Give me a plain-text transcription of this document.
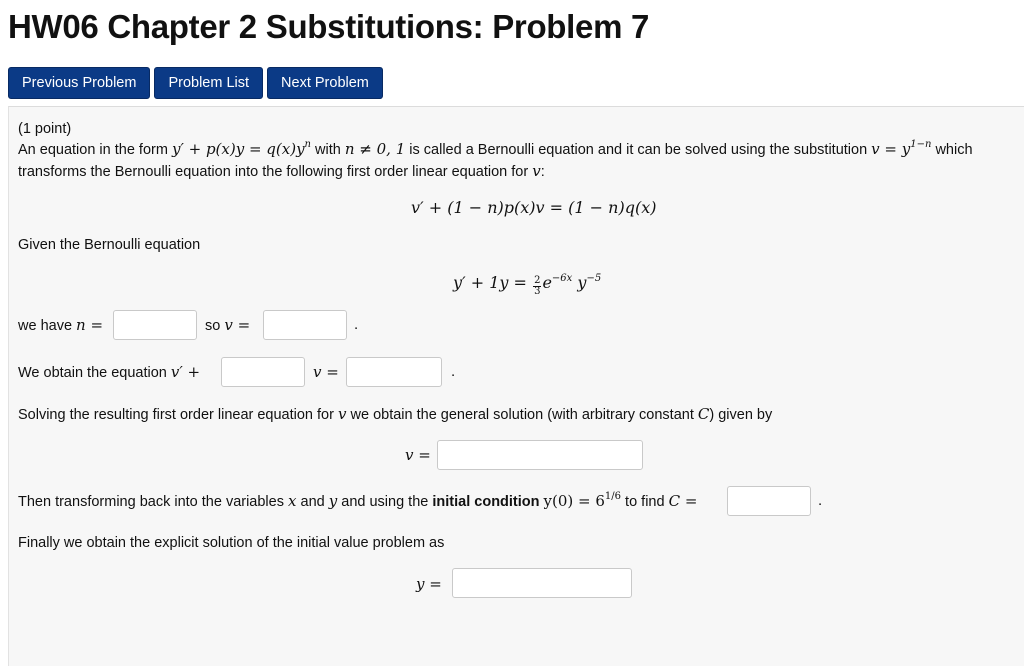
HW06 Chapter 2 Substitutions: Problem 7
Previous Problem	Problem List	Next Problem
(1 point)
An equation in the form $y' + p(x)y = q(x)y^n$ with n ≠ 0, 1 is called a Bernoulli equation and it can be solved using the substitution $v = y^{1-n}$ which
transforms the Bernoulli equation into the following first order linear equation for v:
v′ + (1 − n)p(x)v = (1 − n)q(x)
Given the Bernoulli equation
$y' + 1y = \frac{2}{3} e^{-6x}$ $y^{-5}$
we have n =	so v =	.
We obtain the equation v′ +	v =	.
Solving the resulting first order linear equation for v we obtain the general solution (with arbitrary constant C) given by
v =
Then transforming back into the variables x and y and using the initial condition $y(0) = 6^{1/6}$ to find C =	.
Finally we obtain the explicit solution of the initial value problem as
y =
